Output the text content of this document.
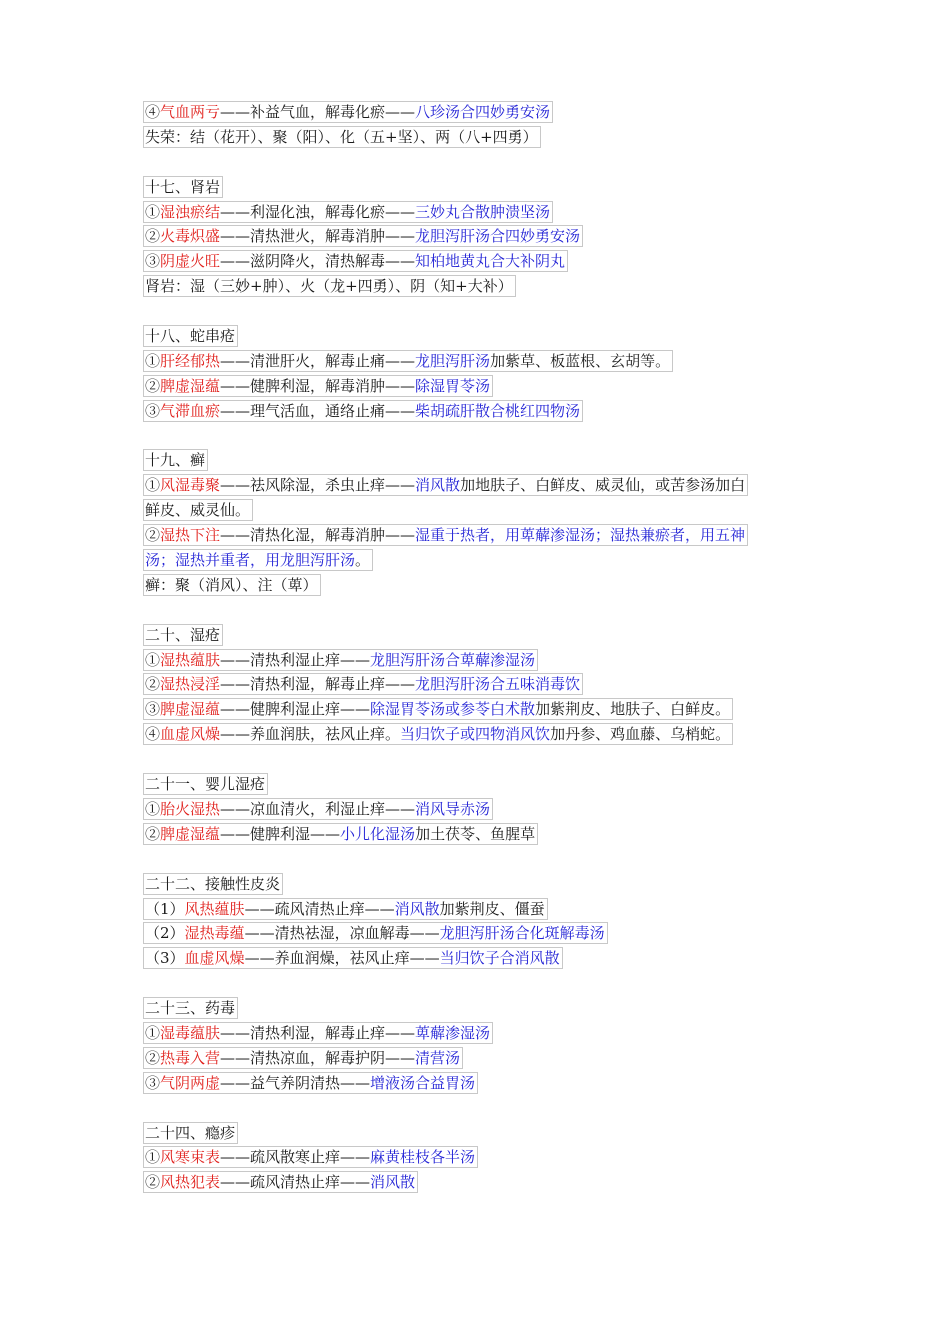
④气血两亏——补益气血，解毒化瘀——八珍汤合四妙勇安汤
失荣：结（花开）、聚（阳）、化（五+坚）、两（八+四勇）
十七、肾岩
①湿浊瘀结——利湿化浊，解毒化瘀——三妙丸合散肿溃坚汤
②火毒炽盛——清热泄火，解毒消肿——龙胆泻肝汤合四妙勇安汤
③阴虚火旺——滋阴降火，清热解毒——知柏地黄丸合大补阴丸
肾岩：湿（三妙+肿）、火（龙+四勇）、阴（知+大补）
十八、蛇串疮
①肝经郁热——清泄肝火，解毒止痛——龙胆泻肝汤加紫草、板蓝根、玄胡等。
②脾虚湿蕴——健脾利湿，解毒消肿——除湿胃苓汤
③气滞血瘀——理气活血，通络止痛——柴胡疏肝散合桃红四物汤
十九、癣
①风湿毒聚——祛风除湿，杀虫止痒——消风散加地肤子、白鲜皮、威灵仙，或苦参汤加白
鲜皮、威灵仙。
②湿热下注——清热化湿，解毒消肿——湿重于热者，用萆薢渗湿汤；湿热兼瘀者，用五神
汤；湿热并重者，用龙胆泻肝汤。
癣：聚（消风）、注（萆）
二十、湿疮
①湿热蕴肤——清热利湿止痒——龙胆泻肝汤合萆薢渗湿汤
②湿热浸淫——清热利湿，解毒止痒——龙胆泻肝汤合五味消毒饮
③脾虚湿蕴——健脾利湿止痒——除湿胃苓汤或参苓白术散加紫荆皮、地肤子、白鲜皮。
④血虚风燥——养血润肤，祛风止痒。当归饮子或四物消风饮加丹参、鸡血藤、乌梢蛇。
二十一、婴儿湿疮
①胎火湿热——凉血清火，利湿止痒——消风导赤汤
②脾虚湿蕴——健脾利湿——小儿化湿汤加土茯苓、鱼腥草
二十二、接触性皮炎
（1）风热蕴肤——疏风清热止痒——消风散加紫荆皮、僵蚕
（2）湿热毒蕴——清热祛湿，凉血解毒——龙胆泻肝汤合化斑解毒汤
（3）血虚风燥——养血润燥，祛风止痒——当归饮子合消风散
二十三、药毒
①湿毒蕴肤——清热利湿，解毒止痒——萆薢渗湿汤
②热毒入营——清热凉血，解毒护阴——清营汤
③气阴两虚——益气养阴清热——增液汤合益胃汤
二十四、瘾疹
①风寒束表——疏风散寒止痒——麻黄桂枝各半汤
②风热犯表——疏风清热止痒——消风散
